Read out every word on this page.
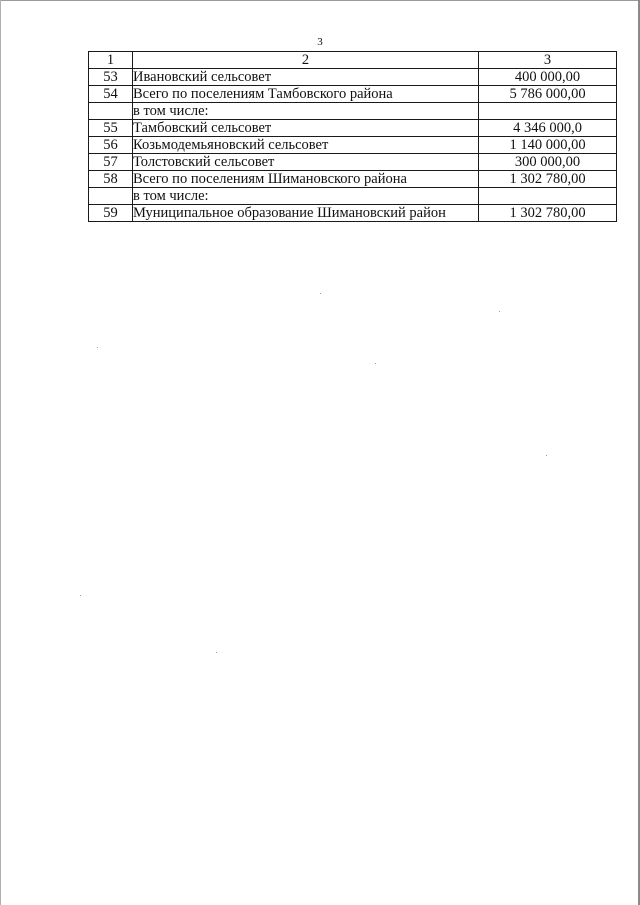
3
1	2	3
53	Ивановский сельсовет	400 000,00
54	Всего по поселениям Тамбовского района	5 786 000,00
	в том числе:	
55	Тамбовский сельсовет	4 346 000,0
56	Козьмодемьяновский сельсовет	1 140 000,00
57	Толстовский сельсовет	300 000,00
58	Всего по поселениям Шимановского района	1 302 780,00
	в том числе:	
59	Муниципальное образование Шимановский район	1 302 780,00
